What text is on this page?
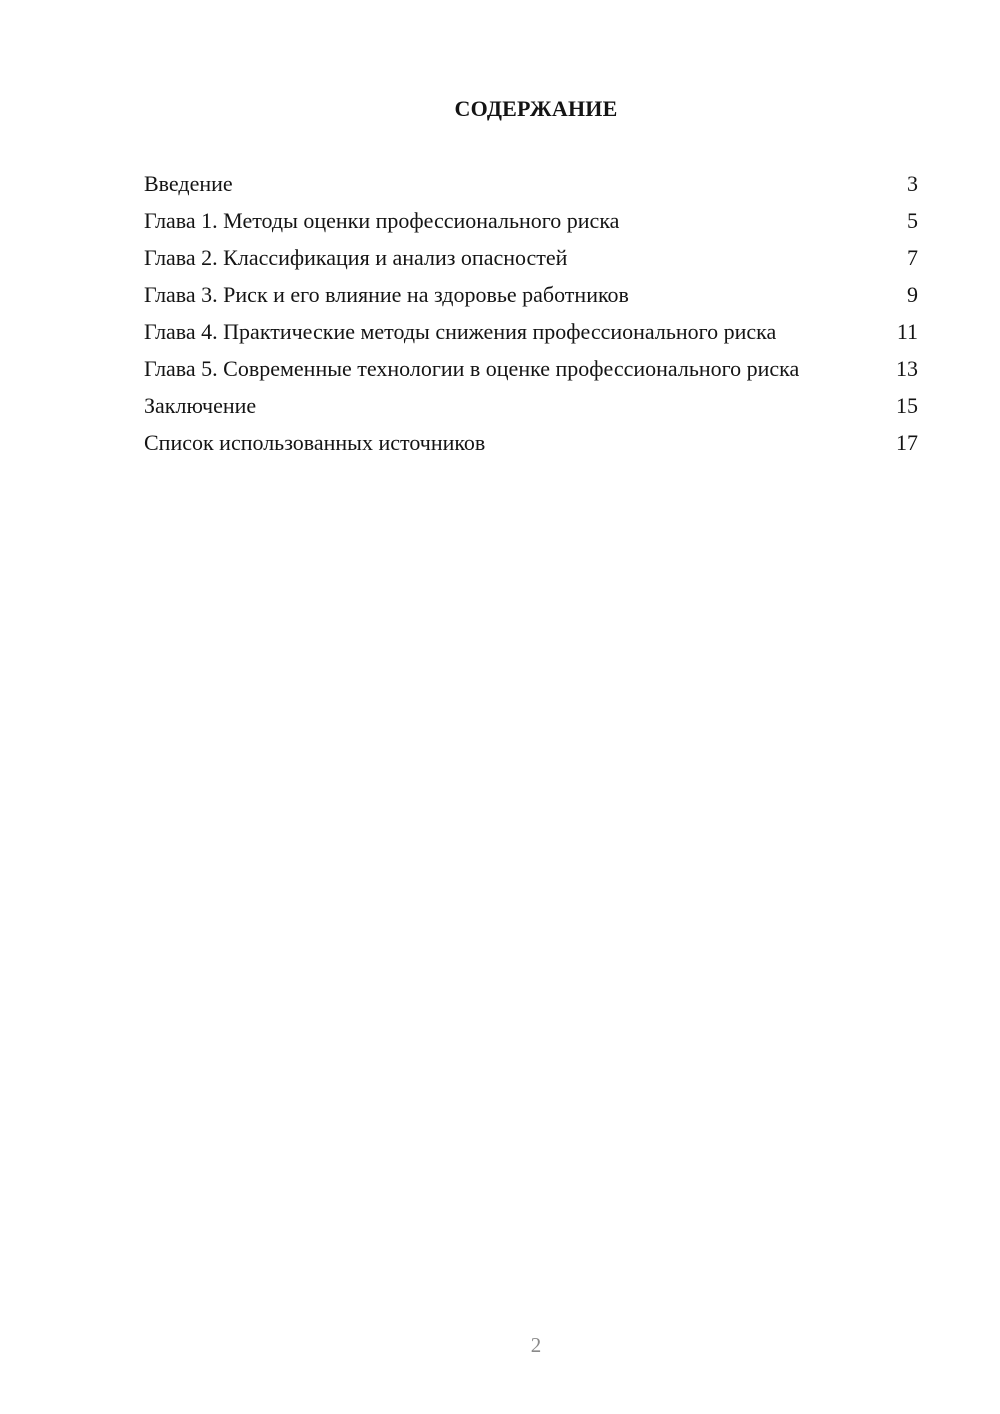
СОДЕРЖАНИЕ
Введение	3
Глава 1. Методы оценки профессионального риска	5
Глава 2. Классификация и анализ опасностей	7
Глава 3. Риск и его влияние на здоровье работников	9
Глава 4. Практические методы снижения профессионального риска	11
Глава 5. Современные технологии в оценке профессионального риска	13
Заключение	15
Список использованных источников	17
2
